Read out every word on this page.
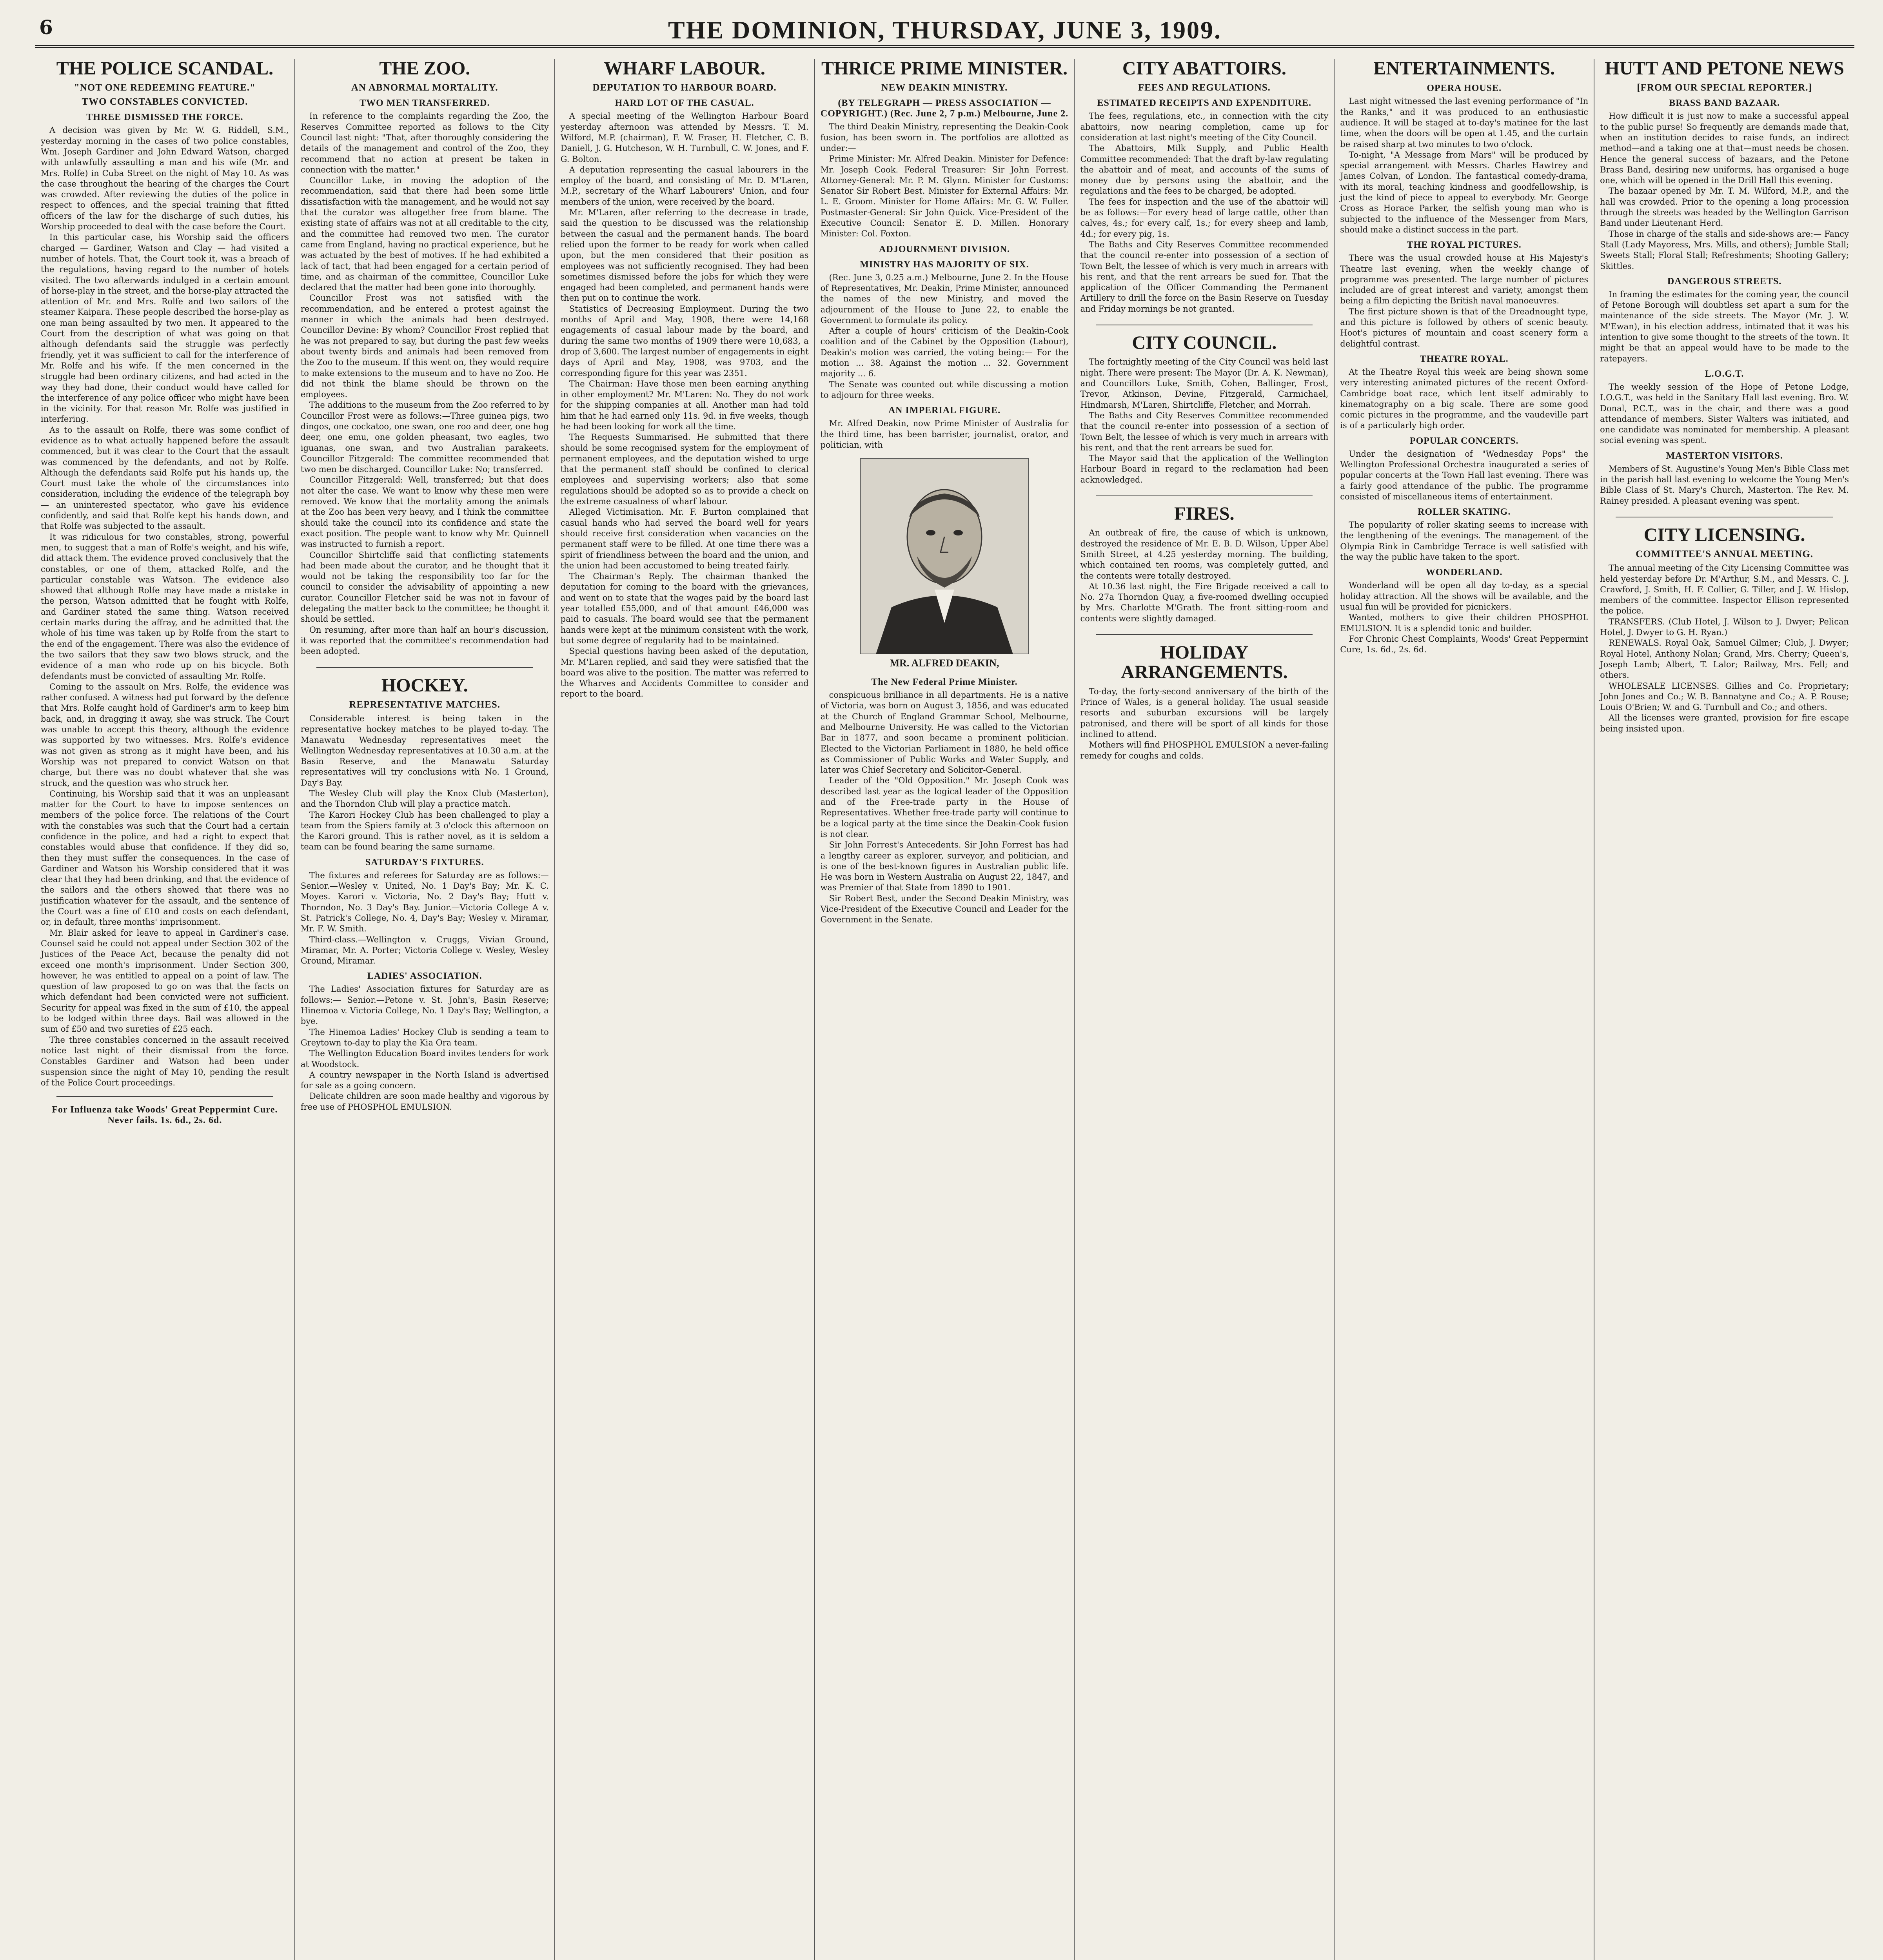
6	THE DOMINION, THURSDAY, JUNE 3, 1909.
THE POLICE SCANDAL.
"NOT ONE REDEEMING FEATURE."
TWO CONSTABLES CONVICTED.
THREE DISMISSED THE FORCE.

A decision was given by Mr. W. G. Riddell, S.M., yesterday morning in the cases of two police constables, Wm. Joseph Gardiner and John Edward Watson, charged with unlawfully assaulting a man and his wife (Mr. and Mrs. Rolfe) in Cuba Street on the night of May 10. As was the case throughout the hearing of the charges the Court was crowded. After reviewing the duties of the police in respect to offences, and the special training that fitted officers of the law for the discharge of such duties, his Worship proceeded to deal with the case before the Court.

In this particular case, his Worship said the officers charged — Gardiner, Watson and Clay — had visited a number of hotels. That, the Court took it, was a breach of the regulations, having regard to the number of hotels visited. The two afterwards indulged in a certain amount of horse-play in the street, and the horse-play attracted the attention of Mr. and Mrs. Rolfe and two sailors of the steamer Kaipara. These people described the horse-play as one man being assaulted by two men. It appeared to the Court from the description of what was going on that although defendants said the struggle was perfectly friendly, yet it was sufficient to call for the interference of Mr. Rolfe and his wife. If the men concerned in the struggle had been ordinary citizens, and had acted in the way they had done, their conduct would have called for the interference of any police officer who might have been in the vicinity. For that reason Mr. Rolfe was justified in interfering.

As to the assault on Rolfe, there was some conflict of evidence as to what actually happened before the assault commenced, but it was clear to the Court that the assault was commenced by the defendants, and not by Rolfe. Although the defendants said Rolfe put his hands up, the Court must take the whole of the circumstances into consideration, including the evidence of the telegraph boy — an uninterested spectator, who gave his evidence confidently, and said that Rolfe kept his hands down, and that Rolfe was subjected to the assault.

It was ridiculous for two constables, strong, powerful men, to suggest that a man of Rolfe's weight, and his wife, did attack them. The evidence proved conclusively that the constables, or one of them, attacked Rolfe, and the particular constable was Watson. The evidence also showed that although Rolfe may have made a mistake in the person, Watson admitted that he fought with Rolfe, and Gardiner stated the same thing. Watson received certain marks during the affray, and he admitted that the whole of his time was taken up by Rolfe from the start to the end of the engagement. There was also the evidence of the two sailors that they saw two blows struck, and the evidence of a man who rode up on his bicycle. Both defendants must be convicted of assaulting Mr. Rolfe.

Coming to the assault on Mrs. Rolfe, the evidence was rather confused. A witness had put forward by the defence that Mrs. Rolfe caught hold of Gardiner's arm to keep him back, and, in dragging it away, she was struck. The Court was unable to accept this theory, although the evidence was supported by two witnesses. Mrs. Rolfe's evidence was not given as strong as it might have been, and his Worship was not prepared to convict Watson on that charge, but there was no doubt whatever that she was struck, and the question was who struck her.

Continuing, his Worship said that it was an unpleasant matter for the Court to have to impose sentences on members of the police force. The relations of the Court with the constables was such that the Court had a certain confidence in the police, and had a right to expect that constables would abuse that confidence. If they did so, then they must suffer the consequences. In the case of Gardiner and Watson his Worship considered that it was clear that they had been drinking, and that the evidence of the sailors and the others showed that there was no justification whatever for the assault, and the sentence of the Court was a fine of £10 and costs on each defendant, or, in default, three months' imprisonment.

Mr. Blair asked for leave to appeal in Gardiner's case. Counsel said he could not appeal under Section 302 of the Justices of the Peace Act, because the penalty did not exceed one month's imprisonment. Under Section 300, however, he was entitled to appeal on a point of law. The question of law proposed to go on was that the facts on which defendant had been convicted were not sufficient. Security for appeal was fixed in the sum of £10, the appeal to be lodged within three days. Bail was allowed in the sum of £50 and two sureties of £25 each.

The three constables concerned in the assault received notice last night of their dismissal from the force. Constables Gardiner and Watson had been under suspension since the night of May 10, pending the result of the Police Court proceedings.

For Influenza take Woods' Great Peppermint Cure. Never fails. 1s. 6d., 2s. 6d.
THE ZOO.
AN ABNORMAL MORTALITY.
TWO MEN TRANSFERRED.

In reference to the complaints regarding the Zoo, the Reserves Committee reported as follows to the City Council last night: "That, after thoroughly considering the details of the management and control of the Zoo, they recommend that no action at present be taken in connection with the matter."

Councillor Luke, in moving the adoption of the recommendation, said that there had been some little dissatisfaction with the management, and he would not say that the curator was altogether free from blame. The existing state of affairs was not at all creditable to the city, and the committee had removed two men. The curator came from England, having no practical experience, but he was actuated by the best of motives. If he had exhibited a lack of tact, that had been engaged for a certain period of time, and as chairman of the committee, Councillor Luke declared that the matter had been gone into thoroughly.

Councillor Frost was not satisfied with the recommendation, and he entered a protest against the manner in which the animals had been destroyed. Councillor Devine: By whom? Councillor Frost replied that he was not prepared to say, but during the past few weeks about twenty birds and animals had been removed from the Zoo to the museum. If this went on, they would require to make extensions to the museum and to have no Zoo. He did not think the blame should be thrown on the employees.

The additions to the museum from the Zoo referred to by Councillor Frost were as follows:—Three guinea pigs, two dingos, one cockatoo, one swan, one roo and deer, one hog deer, one emu, one golden pheasant, two eagles, two iguanas, one swan, and two Australian parakeets. Councillor Fitzgerald: The committee recommended that two men be discharged. Councillor Luke: No; transferred.

Councillor Fitzgerald: Well, transferred; but that does not alter the case. We want to know why these men were removed. We know that the mortality among the animals at the Zoo has been very heavy, and I think the committee should take the council into its confidence and state the exact position. The people want to know why Mr. Quinnell was instructed to furnish a report.

Councillor Shirtcliffe said that conflicting statements had been made about the curator, and he thought that it would not be taking the responsibility too far for the council to consider the advisability of appointing a new curator. Councillor Fletcher said he was not in favour of delegating the matter back to the committee; he thought it should be settled.

On resuming, after more than half an hour's discussion, it was reported that the committee's recommendation had been adopted.

HOCKEY.
REPRESENTATIVE MATCHES.

Considerable interest is being taken in the representative hockey matches to be played to-day. The Manawatu Wednesday representatives meet the Wellington Wednesday representatives at 10.30 a.m. at the Basin Reserve, and the Manawatu Saturday representatives will try conclusions with No. 1 Ground, Day's Bay.

The Wesley Club will play the Knox Club (Masterton), and the Thorndon Club will play a practice match.

The Karori Hockey Club has been challenged to play a team from the Spiers family at 3 o'clock this afternoon on the Karori ground. This is rather novel, as it is seldom a team can be found bearing the same surname.

SATURDAY'S FIXTURES.

The fixtures and referees for Saturday are as follows:— Senior.—Wesley v. United, No. 1 Day's Bay; Mr. K. C. Moyes. Karori v. Victoria, No. 2 Day's Bay; Hutt v. Thorndon, No. 3 Day's Bay. Junior.—Victoria College A v. St. Patrick's College, No. 4, Day's Bay; Wesley v. Miramar, Mr. F. W. Smith.

Third-class.—Wellington v. Cruggs, Vivian Ground, Miramar, Mr. A. Porter; Victoria College v. Wesley, Wesley Ground, Miramar.

LADIES' ASSOCIATION.

The Ladies' Association fixtures for Saturday are as follows:— Senior.—Petone v. St. John's, Basin Reserve; Hinemoa v. Victoria College, No. 1 Day's Bay; Wellington, a bye.

The Hinemoa Ladies' Hockey Club is sending a team to Greytown to-day to play the Kia Ora team.

The Wellington Education Board invites tenders for work at Woodstock.

A country newspaper in the North Island is advertised for sale as a going concern.

Delicate children are soon made healthy and vigorous by free use of PHOSPHOL EMULSION.

WHARF LABOUR.
DEPUTATION TO HARBOUR BOARD.
HARD LOT OF THE CASUAL.

A special meeting of the Wellington Harbour Board yesterday afternoon was attended by Messrs. T. M. Wilford, M.P. (chairman), F. W. Fraser, H. Fletcher, C. B. Daniell, J. G. Hutcheson, W. H. Turnbull, C. W. Jones, and F. G. Bolton.

A deputation representing the casual labourers in the employ of the board, and consisting of Mr. D. M'Laren, M.P., secretary of the Wharf Labourers' Union, and four members of the union, were received by the board.

Mr. M'Laren, after referring to the decrease in trade, said the question to be discussed was the relationship between the casual and the permanent hands. The board relied upon the former to be ready for work when called upon, but the men considered that their position as employees was not sufficiently recognised. They had been sometimes dismissed before the jobs for which they were engaged had been completed, and permanent hands were then put on to continue the work.

Statistics of Decreasing Employment. During the two months of April and May, 1908, there were 14,168 engagements of casual labour made by the board, and during the same two months of 1909 there were 10,683, a drop of 3,600. The largest number of engagements in eight days of April and May, 1908, was 9703, and the corresponding figure for this year was 2351.

The Chairman: Have those men been earning anything in other employment? Mr. M'Laren: No. They do not work for the shipping companies at all. Another man had told him that he had earned only 11s. 9d. in five weeks, though he had been looking for work all the time.

The Requests Summarised. He submitted that there should be some recognised system for the employment of permanent employees, and the deputation wished to urge that the permanent staff should be confined to clerical employees and supervising workers; also that some regulations should be adopted so as to provide a check on the extreme casualness of wharf labour.

Alleged Victimisation. Mr. F. Burton complained that casual hands who had served the board well for years should receive first consideration when vacancies on the permanent staff were to be filled. At one time there was a spirit of friendliness between the board and the union, and the union had been accustomed to being treated fairly.

The Chairman's Reply. The chairman thanked the deputation for coming to the board with the grievances, and went on to state that the wages paid by the board last year totalled £55,000, and of that amount £46,000 was paid to casuals. The board would see that the permanent hands were kept at the minimum consistent with the work, but some degree of regularity had to be maintained.

Special questions having been asked of the deputation, Mr. M'Laren replied, and said they were satisfied that the board was alive to the position. The matter was referred to the Wharves and Accidents Committee to consider and report to the board.

THRICE PRIME MINISTER.
NEW DEAKIN MINISTRY.
(BY TELEGRAPH — PRESS ASSOCIATION — COPYRIGHT.) (Rec. June 2, 7 p.m.) Melbourne, June 2.

The third Deakin Ministry, representing the Deakin-Cook fusion, has been sworn in. The portfolios are allotted as under:—

Prime Minister: Mr. Alfred Deakin. Minister for Defence: Mr. Joseph Cook. Federal Treasurer: Sir John Forrest. Attorney-General: Mr. P. M. Glynn. Minister for Customs: Senator Sir Robert Best. Minister for External Affairs: Mr. L. E. Groom. Minister for Home Affairs: Mr. G. W. Fuller. Postmaster-General: Sir John Quick. Vice-President of the Executive Council: Senator E. D. Millen. Honorary Minister: Col. Foxton.

ADJOURNMENT DIVISION.
MINISTRY HAS MAJORITY OF SIX.

(Rec. June 3, 0.25 a.m.) Melbourne, June 2. In the House of Representatives, Mr. Deakin, Prime Minister, announced the names of the new Ministry, and moved the adjournment of the House to June 22, to enable the Government to formulate its policy.

After a couple of hours' criticism of the Deakin-Cook coalition and of the Cabinet by the Opposition (Labour), Deakin's motion was carried, the voting being:— For the motion ... 38. Against the motion ... 32. Government majority ... 6.

The Senate was counted out while discussing a motion to adjourn for three weeks.

AN IMPERIAL FIGURE.

Mr. Alfred Deakin, now Prime Minister of Australia for the third time, has been barrister, journalist, orator, and politician, with

MR. ALFRED DEAKIN,
The New Federal Prime Minister.

conspicuous brilliance in all departments. He is a native of Victoria, was born on August 3, 1856, and was educated at the Church of England Grammar School, Melbourne, and Melbourne University. He was called to the Victorian Bar in 1877, and soon became a prominent politician. Elected to the Victorian Parliament in 1880, he held office as Commissioner of Public Works and Water Supply, and later was Chief Secretary and Solicitor-General.

Leader of the "Old Opposition." Mr. Joseph Cook was described last year as the logical leader of the Opposition and of the Free-trade party in the House of Representatives. Whether free-trade party will continue to be a logical party at the time since the Deakin-Cook fusion is not clear.

Sir John Forrest's Antecedents. Sir John Forrest has had a lengthy career as explorer, surveyor, and politician, and is one of the best-known figures in Australian public life. He was born in Western Australia on August 22, 1847, and was Premier of that State from 1890 to 1901.

Sir Robert Best, under the Second Deakin Ministry, was Vice-President of the Executive Council and Leader for the Government in the Senate.

CITY ABATTOIRS.
FEES AND REGULATIONS.
ESTIMATED RECEIPTS AND EXPENDITURE.

The fees, regulations, etc., in connection with the city abattoirs, now nearing completion, came up for consideration at last night's meeting of the City Council.

The Abattoirs, Milk Supply, and Public Health Committee recommended: That the draft by-law regulating the abattoir and of meat, and accounts of the sums of money due by persons using the abattoir, and the regulations and the fees to be charged, be adopted.

The fees for inspection and the use of the abattoir will be as follows:—For every head of large cattle, other than calves, 4s.; for every calf, 1s.; for every sheep and lamb, 4d.; for every pig, 1s.

The Baths and City Reserves Committee recommended that the council re-enter into possession of a section of Town Belt, the lessee of which is very much in arrears with his rent, and that the rent arrears be sued for. That the application of the Officer Commanding the Permanent Artillery to drill the force on the Basin Reserve on Tuesday and Friday mornings be not granted.

CITY COUNCIL.

The fortnightly meeting of the City Council was held last night. There were present: The Mayor (Dr. A. K. Newman), and Councillors Luke, Smith, Cohen, Ballinger, Frost, Trevor, Atkinson, Devine, Fitzgerald, Carmichael, Hindmarsh, M'Laren, Shirtcliffe, Fletcher, and Morrah.

The Baths and City Reserves Committee recommended that the council re-enter into possession of a section of Town Belt, the lessee of which is very much in arrears with his rent, and that the rent arrears be sued for.

The Mayor said that the application of the Wellington Harbour Board in regard to the reclamation had been acknowledged.

FIRES.

An outbreak of fire, the cause of which is unknown, destroyed the residence of Mr. E. B. D. Wilson, Upper Abel Smith Street, at 4.25 yesterday morning. The building, which contained ten rooms, was completely gutted, and the contents were totally destroyed.

At 10.36 last night, the Fire Brigade received a call to No. 27a Thorndon Quay, a five-roomed dwelling occupied by Mrs. Charlotte M'Grath. The front sitting-room and contents were slightly damaged.

HOLIDAY ARRANGEMENTS.

To-day, the forty-second anniversary of the birth of the Prince of Wales, is a general holiday. The usual seaside resorts and suburban excursions will be largely patronised, and there will be sport of all kinds for those inclined to attend.

Mothers will find PHOSPHOL EMULSION a never-failing remedy for coughs and colds.

ENTERTAINMENTS.
OPERA HOUSE.

Last night witnessed the last evening performance of "In the Ranks," and it was produced to an enthusiastic audience. It will be staged at to-day's matinee for the last time, when the doors will be open at 1.45, and the curtain be raised sharp at two minutes to two o'clock.

To-night, "A Message from Mars" will be produced by special arrangement with Messrs. Charles Hawtrey and James Colvan, of London. The fantastical comedy-drama, with its moral, teaching kindness and goodfellowship, is just the kind of piece to appeal to everybody. Mr. George Cross as Horace Parker, the selfish young man who is subjected to the influence of the Messenger from Mars, should make a distinct success in the part.

THE ROYAL PICTURES.

There was the usual crowded house at His Majesty's Theatre last evening, when the weekly change of programme was presented. The large number of pictures included are of great interest and variety, amongst them being a film depicting the British naval manoeuvres.

The first picture shown is that of the Dreadnought type, and this picture is followed by others of scenic beauty. Hoot's pictures of mountain and coast scenery form a delightful contrast.

THEATRE ROYAL.

At the Theatre Royal this week are being shown some very interesting animated pictures of the recent Oxford-Cambridge boat race, which lent itself admirably to kinematography on a big scale. There are some good comic pictures in the programme, and the vaudeville part is of a particularly high order.

POPULAR CONCERTS.

Under the designation of "Wednesday Pops" the Wellington Professional Orchestra inaugurated a series of popular concerts at the Town Hall last evening. There was a fairly good attendance of the public. The programme consisted of miscellaneous items of entertainment.

ROLLER SKATING.

The popularity of roller skating seems to increase with the lengthening of the evenings. The management of the Olympia Rink in Cambridge Terrace is well satisfied with the way the public have taken to the sport.

WONDERLAND.

Wonderland will be open all day to-day, as a special holiday attraction. All the shows will be available, and the usual fun will be provided for picnickers.

Wanted, mothers to give their children PHOSPHOL EMULSION. It is a splendid tonic and builder.

For Chronic Chest Complaints, Woods' Great Peppermint Cure, 1s. 6d., 2s. 6d.

HUTT AND PETONE NEWS
[FROM OUR SPECIAL REPORTER.]
BRASS BAND BAZAAR.

How difficult it is just now to make a successful appeal to the public purse! So frequently are demands made that, when an institution decides to raise funds, an indirect method—and a taking one at that—must needs be chosen. Hence the general success of bazaars, and the Petone Brass Band, desiring new uniforms, has organised a huge one, which will be opened in the Drill Hall this evening.

The bazaar opened by Mr. T. M. Wilford, M.P., and the hall was crowded. Prior to the opening a long procession through the streets was headed by the Wellington Garrison Band under Lieutenant Herd.

Those in charge of the stalls and side-shows are:— Fancy Stall (Lady Mayoress, Mrs. Mills, and others); Jumble Stall; Sweets Stall; Floral Stall; Refreshments; Shooting Gallery; Skittles.

DANGEROUS STREETS.

In framing the estimates for the coming year, the council of Petone Borough will doubtless set apart a sum for the maintenance of the side streets. The Mayor (Mr. J. W. M'Ewan), in his election address, intimated that it was his intention to give some thought to the streets of the town. It might be that an appeal would have to be made to the ratepayers.

L.O.G.T.

The weekly session of the Hope of Petone Lodge, I.O.G.T., was held in the Sanitary Hall last evening. Bro. W. Donal, P.C.T., was in the chair, and there was a good attendance of members. Sister Walters was initiated, and one candidate was nominated for membership. A pleasant social evening was spent.

MASTERTON VISITORS.

Members of St. Augustine's Young Men's Bible Class met in the parish hall last evening to welcome the Young Men's Bible Class of St. Mary's Church, Masterton. The Rev. M. Rainey presided. A pleasant evening was spent.

CITY LICENSING.
COMMITTEE'S ANNUAL MEETING.

The annual meeting of the City Licensing Committee was held yesterday before Dr. M'Arthur, S.M., and Messrs. C. J. Crawford, J. Smith, H. F. Collier, G. Tiller, and J. W. Hislop, members of the committee. Inspector Ellison represented the police.

TRANSFERS. (Club Hotel, J. Wilson to J. Dwyer; Pelican Hotel, J. Dwyer to G. H. Ryan.)

RENEWALS. Royal Oak, Samuel Gilmer; Club, J. Dwyer; Royal Hotel, Anthony Nolan; Grand, Mrs. Cherry; Queen's, Joseph Lamb; Albert, T. Lalor; Railway, Mrs. Fell; and others.

WHOLESALE LICENSES. Gillies and Co. Proprietary; John Jones and Co.; W. B. Bannatyne and Co.; A. P. Rouse; Louis O'Brien; W. and G. Turnbull and Co.; and others.

All the licenses were granted, provision for fire escape being insisted upon.
